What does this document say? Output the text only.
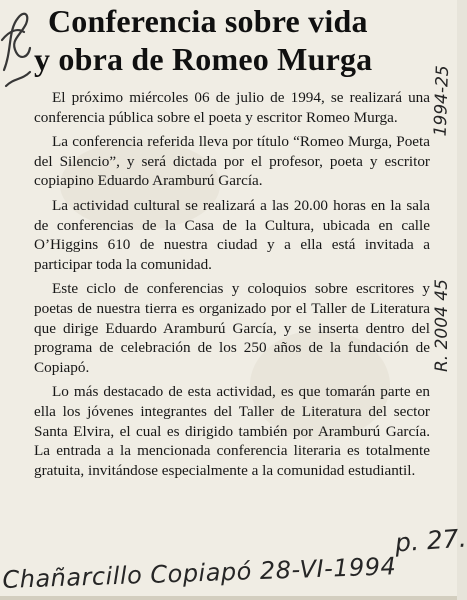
Conferencia sobre vida
y obra de Romeo Murga

El próximo miércoles 06 de julio de 1994, se realizará una conferencia pública sobre el poeta y escritor Romeo Murga.

La conferencia referida lleva por título “Romeo Murga, Poeta del Silencio”, y será dictada por el profesor, poeta y escritor copiapino Eduardo Aramburú García.

La actividad cultural se realizará a las 20.00 horas en la sala de conferencias de la Casa de la Cultura, ubicada en calle O’Higgins 610 de nuestra ciudad y a ella está invitada a participar toda la comunidad.

Este ciclo de conferencias y coloquios sobre escritores y poetas de nuestra tierra es organizado por el Taller de Literatura que dirige Eduardo Aramburú García, y se inserta dentro del programa de celebración de los 250 años de la fundación de Copiapó.

Lo más destacado de esta actividad, es que tomarán parte en ella los jóvenes integrantes del Taller de Literatura del sector Santa Elvira, el cual es dirigido también por Aramburú García. La entrada a la mencionada conferencia literaria es totalmente gratuita, invitándose especialmente a la comunidad estudiantil.

1994-25
R. 2004 45
p. 27.
Chañarcillo Copiapó 28-VI-1994
